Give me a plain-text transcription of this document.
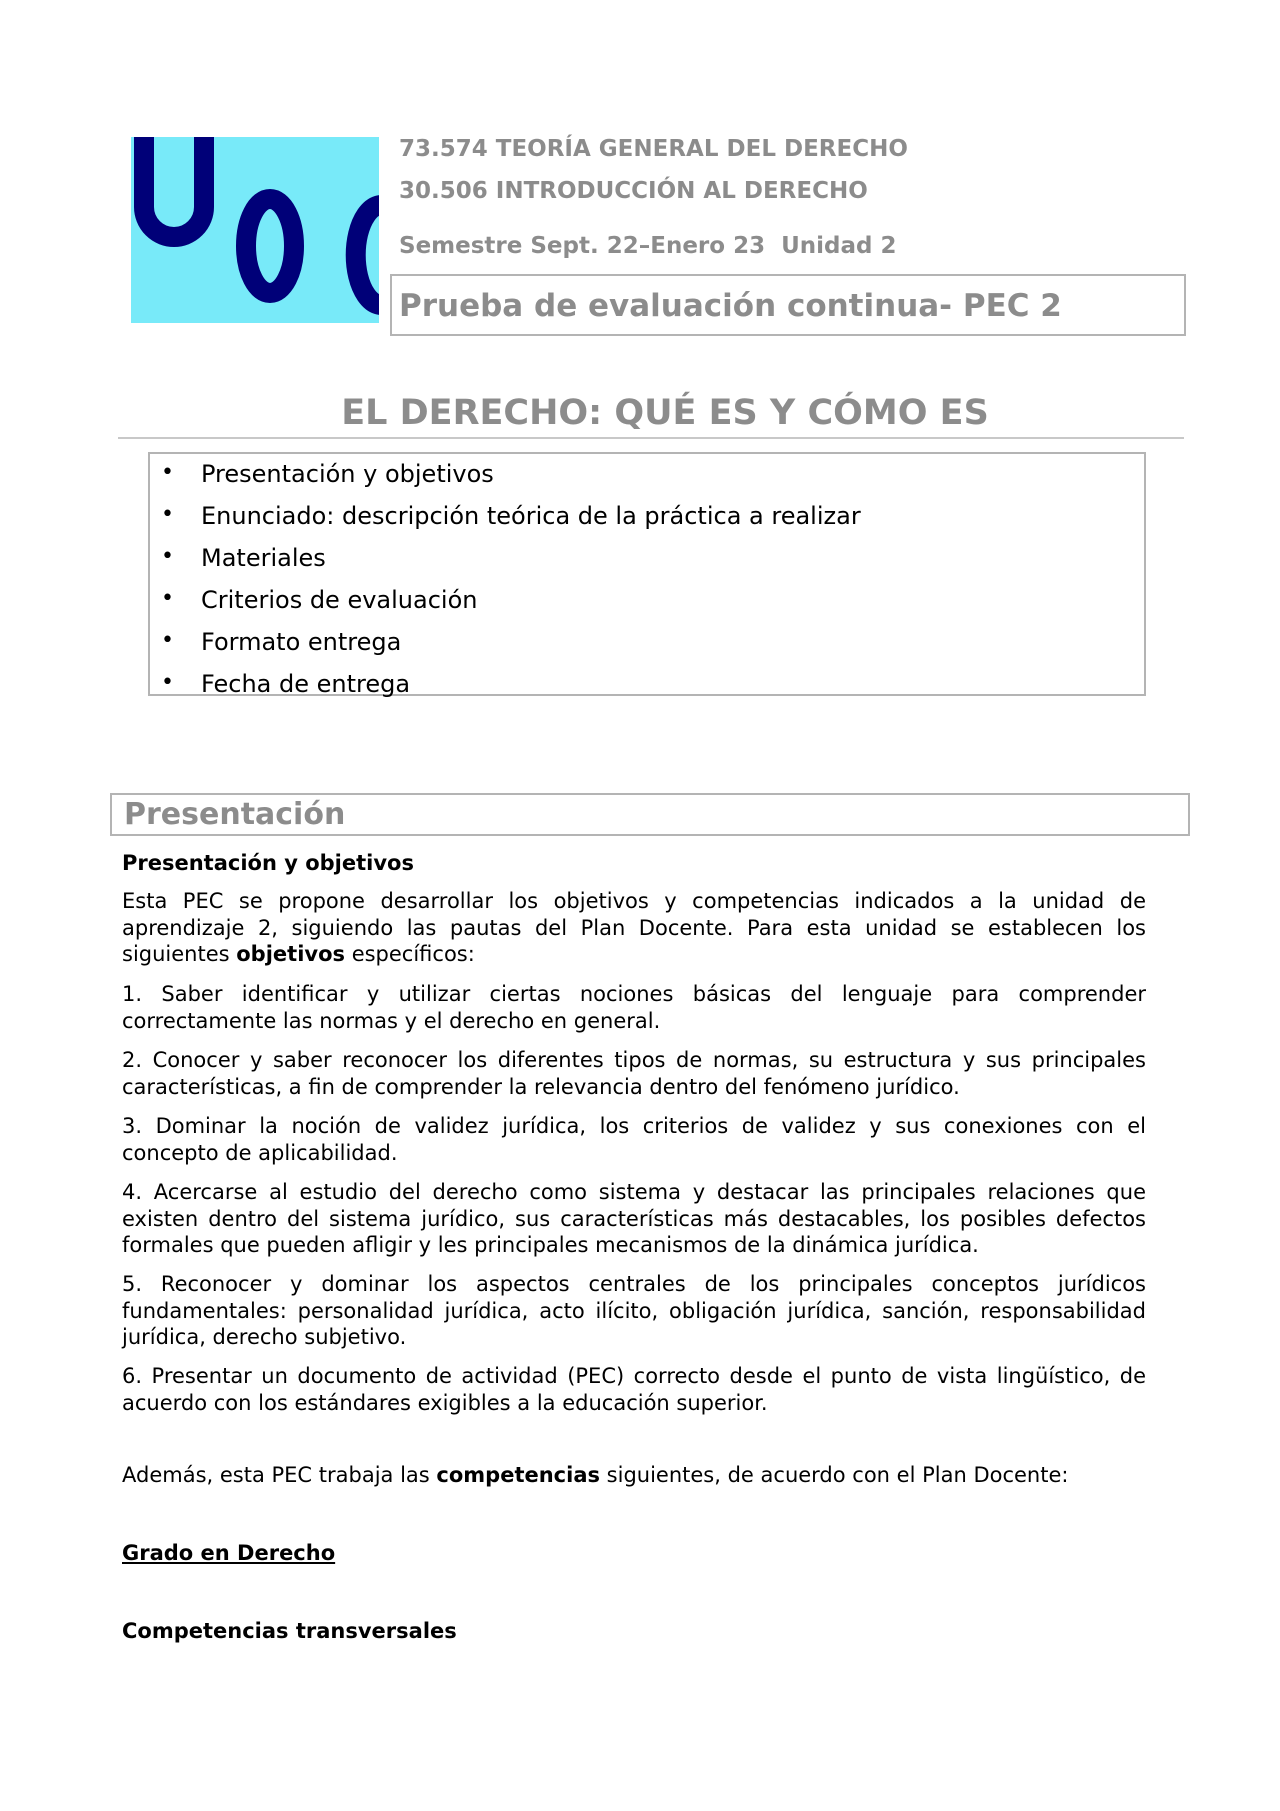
73.574 TEORÍA GENERAL DEL DERECHO
30.506 INTRODUCCIÓN AL DERECHO
Semestre Sept. 22–Enero 23  Unidad 2
Prueba de evaluación continua- PEC 2
EL DERECHO: QUÉ ES Y CÓMO ES
• Presentación y objetivos
• Enunciado: descripción teórica de la práctica a realizar
• Materiales
• Criterios de evaluación
• Formato entrega
• Fecha de entrega
Presentación
Presentación y objetivos

Esta PEC se propone desarrollar los objetivos y competencias indicados a la unidad de aprendizaje 2, siguiendo las pautas del Plan Docente. Para esta unidad se establecen los siguientes objetivos específicos:

1. Saber identificar y utilizar ciertas nociones básicas del lenguaje para comprender correctamente las normas y el derecho en general.

2. Conocer y saber reconocer los diferentes tipos de normas, su estructura y sus principales características, a fin de comprender la relevancia dentro del fenómeno jurídico.

3. Dominar la noción de validez jurídica, los criterios de validez y sus conexiones con el concepto de aplicabilidad.

4. Acercarse al estudio del derecho como sistema y destacar las principales relaciones que existen dentro del sistema jurídico, sus características más destacables, los posibles defectos formales que pueden afligir y les principales mecanismos de la dinámica jurídica.

5. Reconocer y dominar los aspectos centrales de los principales conceptos jurídicos fundamentales: personalidad jurídica, acto ilícito, obligación jurídica, sanción, responsabilidad jurídica, derecho subjetivo.

6. Presentar un documento de actividad (PEC) correcto desde el punto de vista lingüístico, de acuerdo con los estándares exigibles a la educación superior.

Además, esta PEC trabaja las competencias siguientes, de acuerdo con el Plan Docente:

Grado en Derecho
Competencias transversales
